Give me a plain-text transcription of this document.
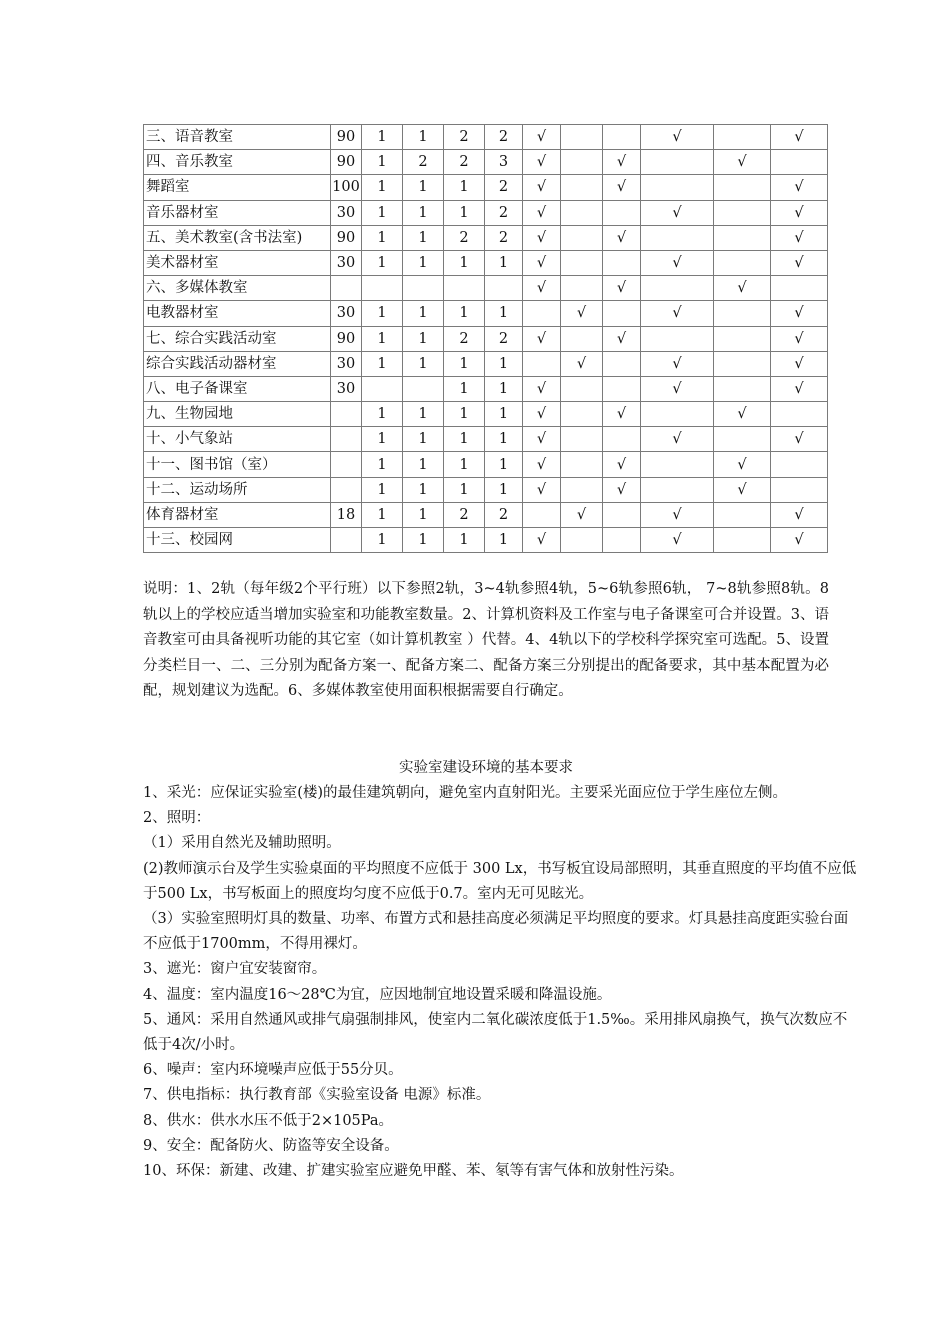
三、语音教室	90	1	1	2	2	√			√		√
四、音乐教室	90	1	2	2	3	√		√		√	
舞蹈室	100	1	1	1	2	√		√			√
音乐器材室	30	1	1	1	2	√			√		√
五、美术教室(含书法室)	90	1	1	2	2	√		√			√
美术器材室	30	1	1	1	1	√			√		√
六、多媒体教室						√		√		√	
电教器材室	30	1	1	1	1		√		√		√
七、综合实践活动室	90	1	1	2	2	√		√			√
综合实践活动器材室	30	1	1	1	1		√		√		√
八、电子备课室	30			1	1	√			√		√
九、生物园地		1	1	1	1	√		√		√	
十、小气象站		1	1	1	1	√			√		√
十一、图书馆（室）		1	1	1	1	√		√		√	
十二、运动场所		1	1	1	1	√		√		√	
体育器材室	18	1	1	2	2		√		√		√
十三、校园网		1	1	1	1	√			√		√

说明：1、2轨（每年级2个平行班）以下参照2轨，3~4轨参照4轨，5~6轨参照6轨， 7~8轨参照8轨。8轨以上的学校应适当增加实验室和功能教室数量。2、计算机资料及工作室与电子备课室可合并设置。3、语音教室可由具备视听功能的其它室（如计算机教室 ）代替。4、4轨以下的学校科学探究室可选配。5、设置分类栏目一、二、三分别为配备方案一、配备方案二、配备方案三分别提出的配备要求，其中基本配置为必配，规划建议为选配。6、多媒体教室使用面积根据需要自行确定。

实验室建设环境的基本要求

1、采光：应保证实验室(楼)的最佳建筑朝向，避免室内直射阳光。主要采光面应位于学生座位左侧。

2、照明：

（1）采用自然光及辅助照明。

(2)教师演示台及学生实验桌面的平均照度不应低于 300 Lx，书写板宜设局部照明，其垂直照度的平均值不应低于500 Lx，书写板面上的照度均匀度不应低于0.7。室内无可见眩光。

（3）实验室照明灯具的数量、功率、布置方式和悬挂高度必须满足平均照度的要求。灯具悬挂高度距实验台面不应低于1700mm，不得用裸灯。

3、遮光：窗户宜安装窗帘。

4、温度：室内温度16～28℃为宜，应因地制宜地设置采暖和降温设施。

5、通风：采用自然通风或排气扇强制排风，使室内二氧化碳浓度低于1.5‰。采用排风扇换气，换气次数应不低于4次/小时。

6、噪声：室内环境噪声应低于55分贝。

7、供电指标：执行教育部《实验室设备 电源》标准。

8、供水：供水水压不低于2×105Pa。

9、安全：配备防火、防盗等安全设备。

10、环保：新建、改建、扩建实验室应避免甲醛、苯、氡等有害气体和放射性污染。
